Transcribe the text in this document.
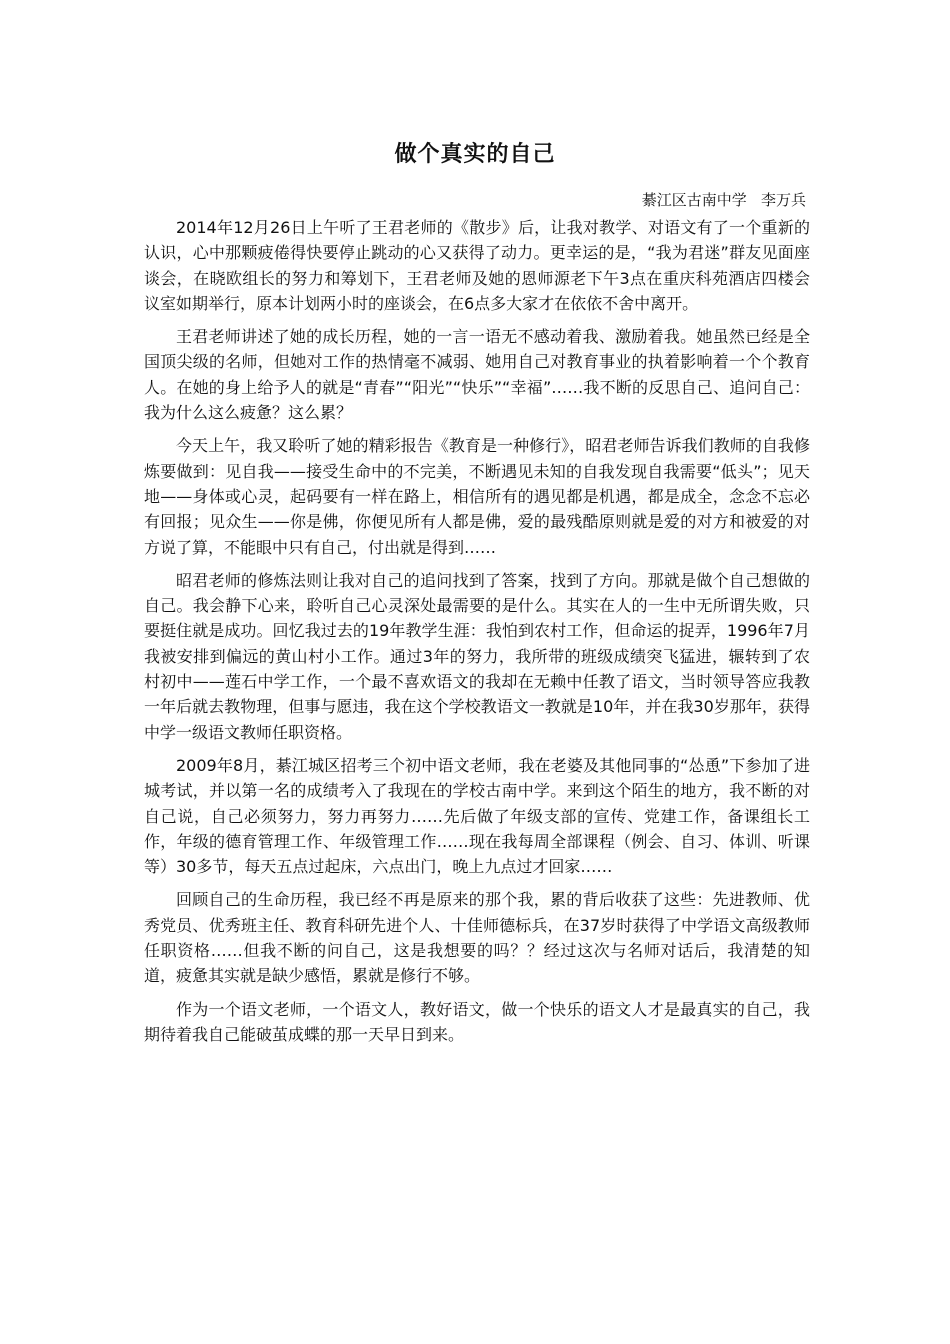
做个真实的自己
綦江区古南中学   李万兵

2014年12月26日上午听了王君老师的《散步》后，让我对教学、对语文有了一个重新的认识，心中那颗疲倦得快要停止跳动的心又获得了动力。更幸运的是，“我为君迷”群友见面座谈会，在晓欧组长的努力和筹划下，王君老师及她的恩师源老下午3点在重庆科苑酒店四楼会议室如期举行，原本计划两小时的座谈会，在6点多大家才在依依不舍中离开。

王君老师讲述了她的成长历程，她的一言一语无不感动着我、激励着我。她虽然已经是全国顶尖级的名师，但她对工作的热情毫不减弱、她用自己对教育事业的执着影响着一个个教育人。在她的身上给予人的就是“青春”“阳光”“快乐”“幸福”……我不断的反思自己、追问自己：我为什么这么疲惫？这么累？

今天上午，我又聆听了她的精彩报告《教育是一种修行》，昭君老师告诉我们教师的自我修炼要做到：见自我——接受生命中的不完美，不断遇见未知的自我发现自我需要“低头”；见天地——身体或心灵，起码要有一样在路上，相信所有的遇见都是机遇，都是成全，念念不忘必有回报；见众生——你是佛，你便见所有人都是佛，爱的最残酷原则就是爱的对方和被爱的对方说了算，不能眼中只有自己，付出就是得到……

昭君老师的修炼法则让我对自己的追问找到了答案，找到了方向。那就是做个自己想做的自己。我会静下心来，聆听自己心灵深处最需要的是什么。其实在人的一生中无所谓失败，只要挺住就是成功。回忆我过去的19年教学生涯：我怕到农村工作，但命运的捉弄，1996年7月我被安排到偏远的黄山村小工作。通过3年的努力，我所带的班级成绩突飞猛进，辗转到了农村初中——莲石中学工作，一个最不喜欢语文的我却在无赖中任教了语文，当时领导答应我教一年后就去教物理，但事与愿违，我在这个学校教语文一教就是10年，并在我30岁那年，获得中学一级语文教师任职资格。

2009年8月，綦江城区招考三个初中语文老师，我在老婆及其他同事的“怂恿”下参加了进城考试，并以第一名的成绩考入了我现在的学校古南中学。来到这个陌生的地方，我不断的对自己说，自己必须努力，努力再努力……先后做了年级支部的宣传、党建工作，备课组长工作，年级的德育管理工作、年级管理工作……现在我每周全部课程（例会、自习、体训、听课等）30多节，每天五点过起床，六点出门，晚上九点过才回家……

回顾自己的生命历程，我已经不再是原来的那个我，累的背后收获了这些：先进教师、优秀党员、优秀班主任、教育科研先进个人、十佳师德标兵，在37岁时获得了中学语文高级教师任职资格……但我不断的问自己，这是我想要的吗？？经过这次与名师对话后，我清楚的知道，疲惫其实就是缺少感悟，累就是修行不够。

作为一个语文老师，一个语文人，教好语文，做一个快乐的语文人才是最真实的自己，我期待着我自己能破茧成蝶的那一天早日到来。
